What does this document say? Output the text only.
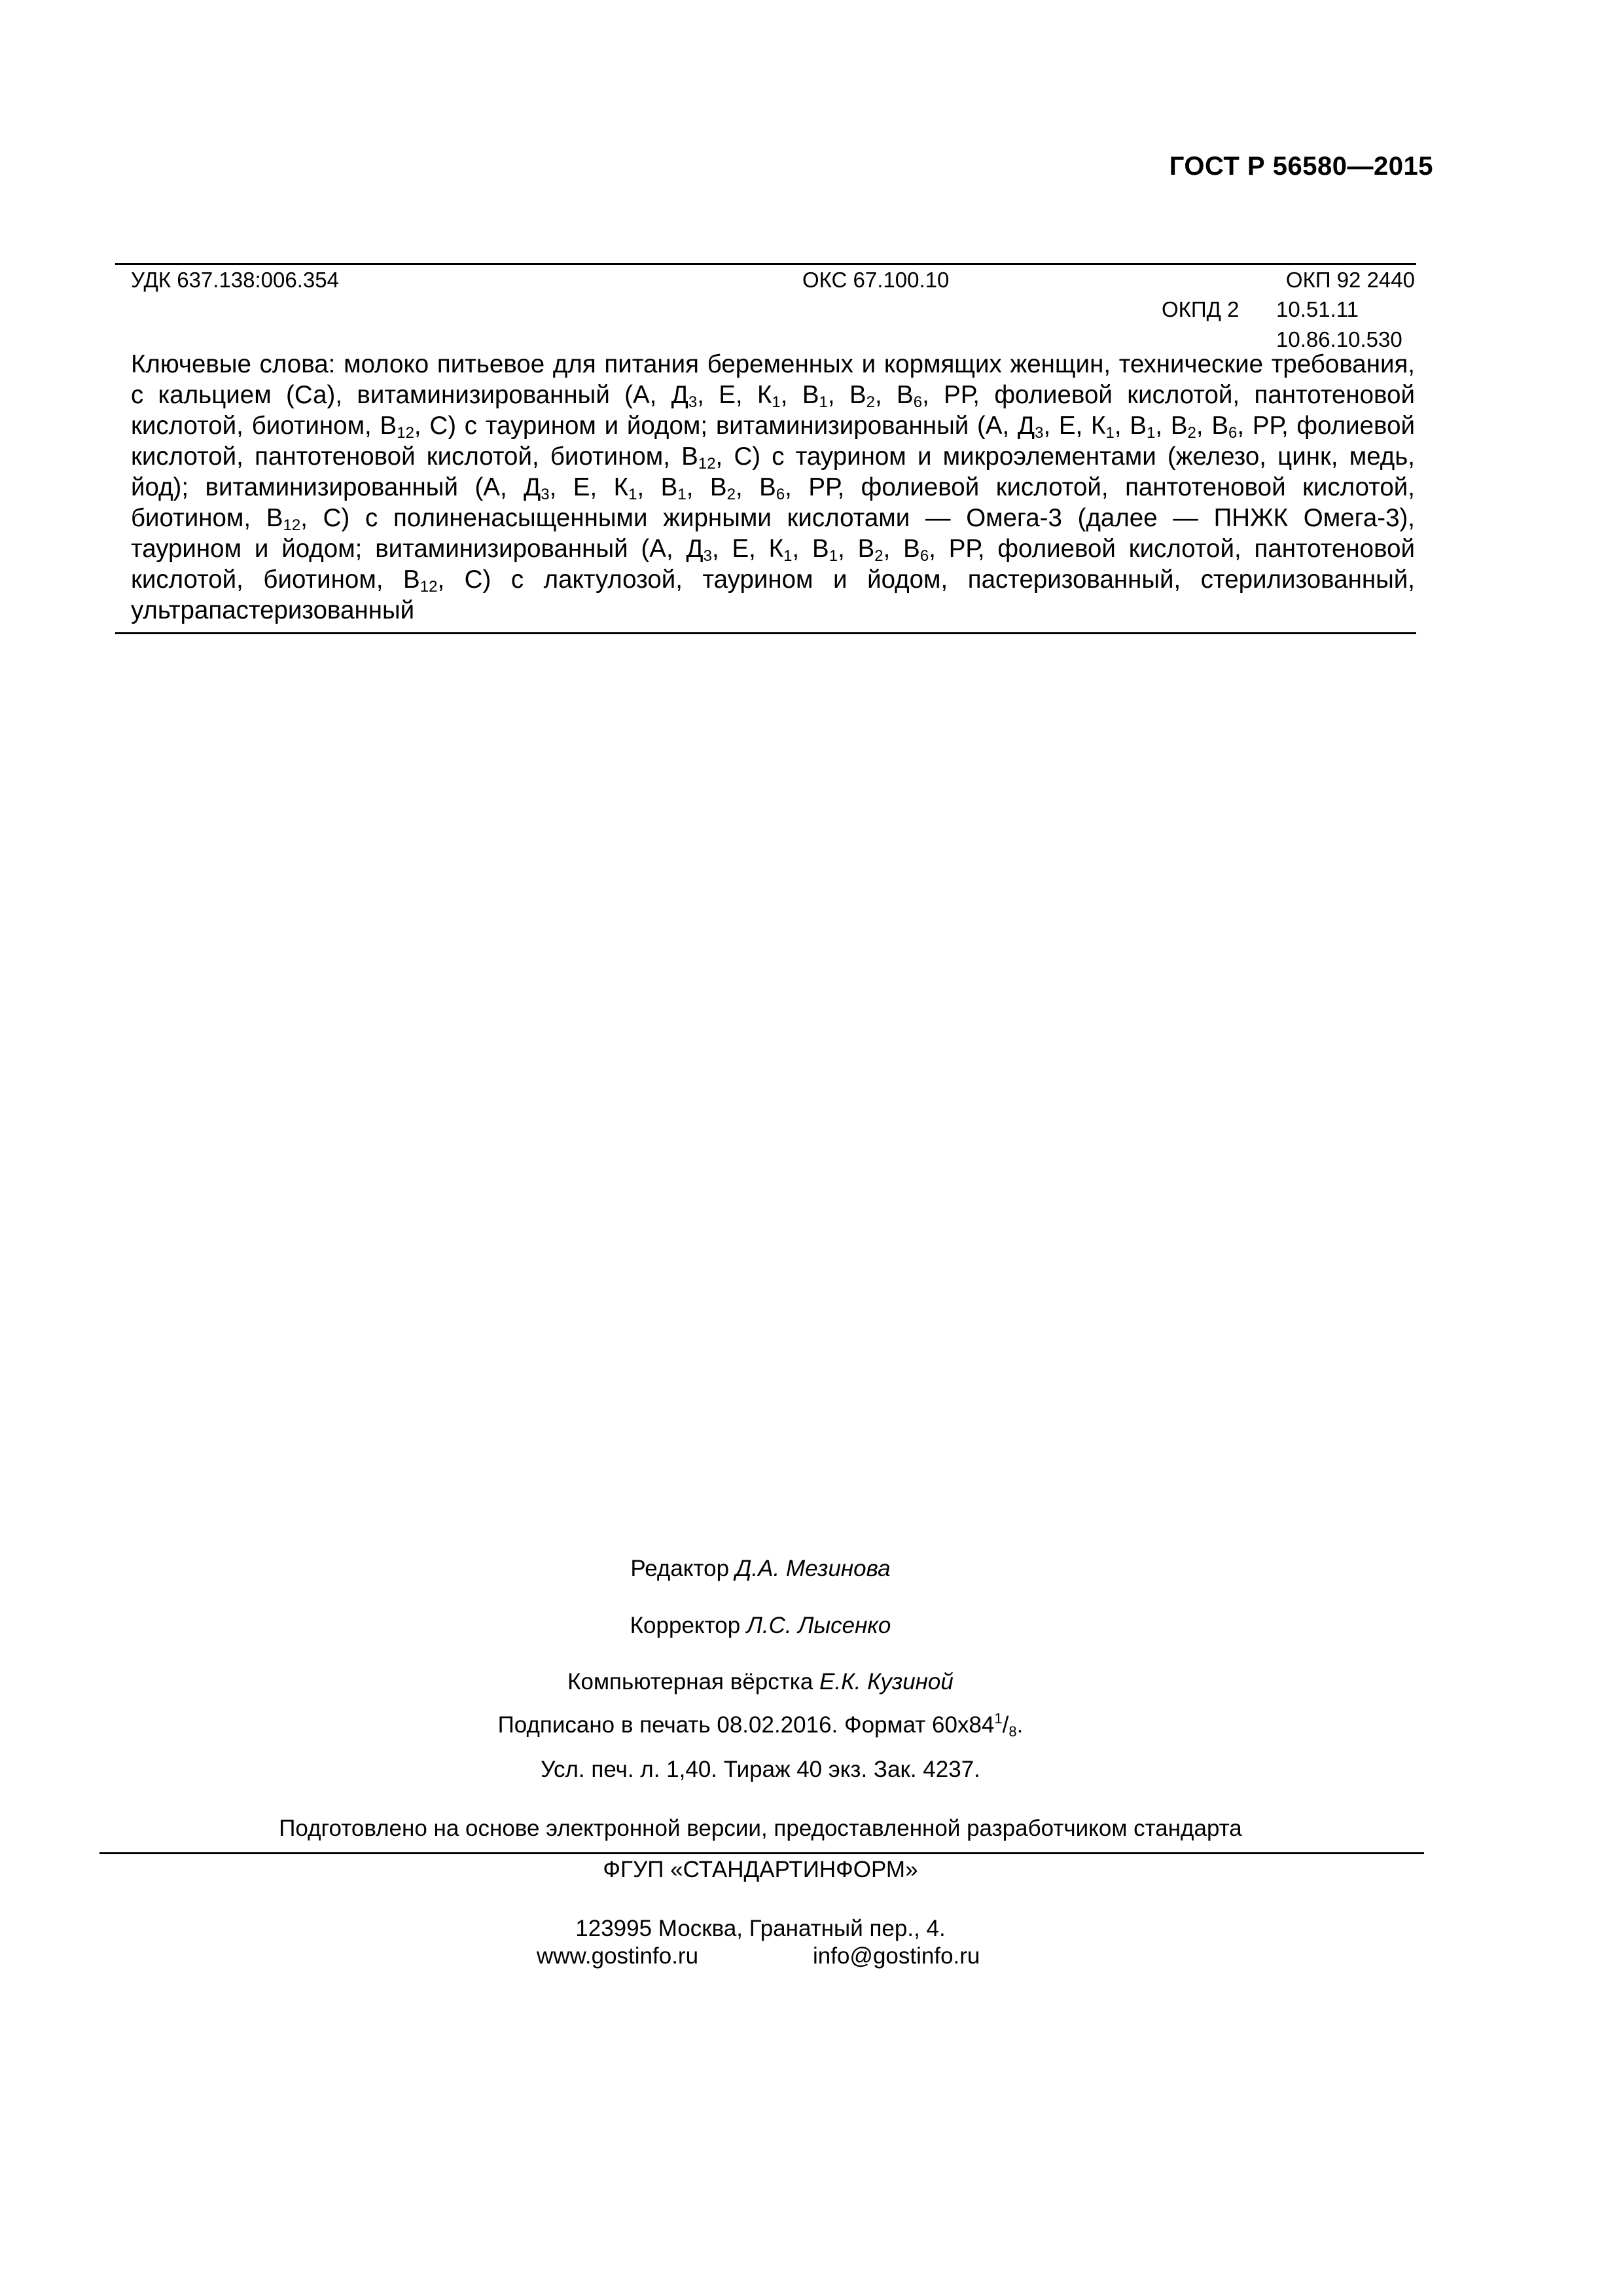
ГОСТ Р 56580—2015
УДК 637.138:006.354	ОКС 67.100.10	ОКП 92 2440
ОКПД 2 10.51.11
10.86.10.530
Ключевые слова: молоко питьевое для питания беременных и кормящих женщин, технические требования, с кальцием (Са), витаминизированный (А, $Д_3$, Е, $К_1$, $В_1$, $В_2$, $В_6$, РР, фолиевой кислотой, пантотеновой кислотой, биотином, $В_{12}$, С) с таурином и йодом; витаминизированный (А, $Д_3$, Е, $К_1$, $В_1$, $В_2$, $В_6$, РР, фолиевой кислотой, пантотеновой кислотой, биотином, $В_{12}$, С) с таурином и микроэлементами (железо, цинк, медь, йод); витаминизированный (А, $Д_3$, Е, $К_1$, $В_1$, $В_2$, $В_6$, РР, фолиевой кислотой, пантотеновой кислотой, биотином, $В_{12}$, С) с полиненасыщенными жирными кислотами — Омега-3 (далее — ПНЖК Омега-3), таурином и йодом; витаминизированный (А, $Д_3$, Е, $К_1$, $В_1$, $В_2$, $В_6$, РР, фолиевой кислотой, пантотеновой кислотой, биотином, $В_{12}$, С) с лактулозой, таурином и йодом, пастеризованный, стерилизованный, ультрапастеризованный
Редактор Д.А. Мезинова
Корректор Л.С. Лысенко
Компьютерная вёрстка Е.К. Кузиной
Подписано в печать 08.02.2016. Формат $60x84^1/_8$.
Усл. печ. л. 1,40. Тираж 40 экз. Зак. 4237.
Подготовлено на основе электронной версии, предоставленной разработчиком стандарта
ФГУП «СТАНДАРТИНФОРМ»
123995 Москва, Гранатный пер., 4.
www.gostinfo.ru	info@gostinfo.ru
